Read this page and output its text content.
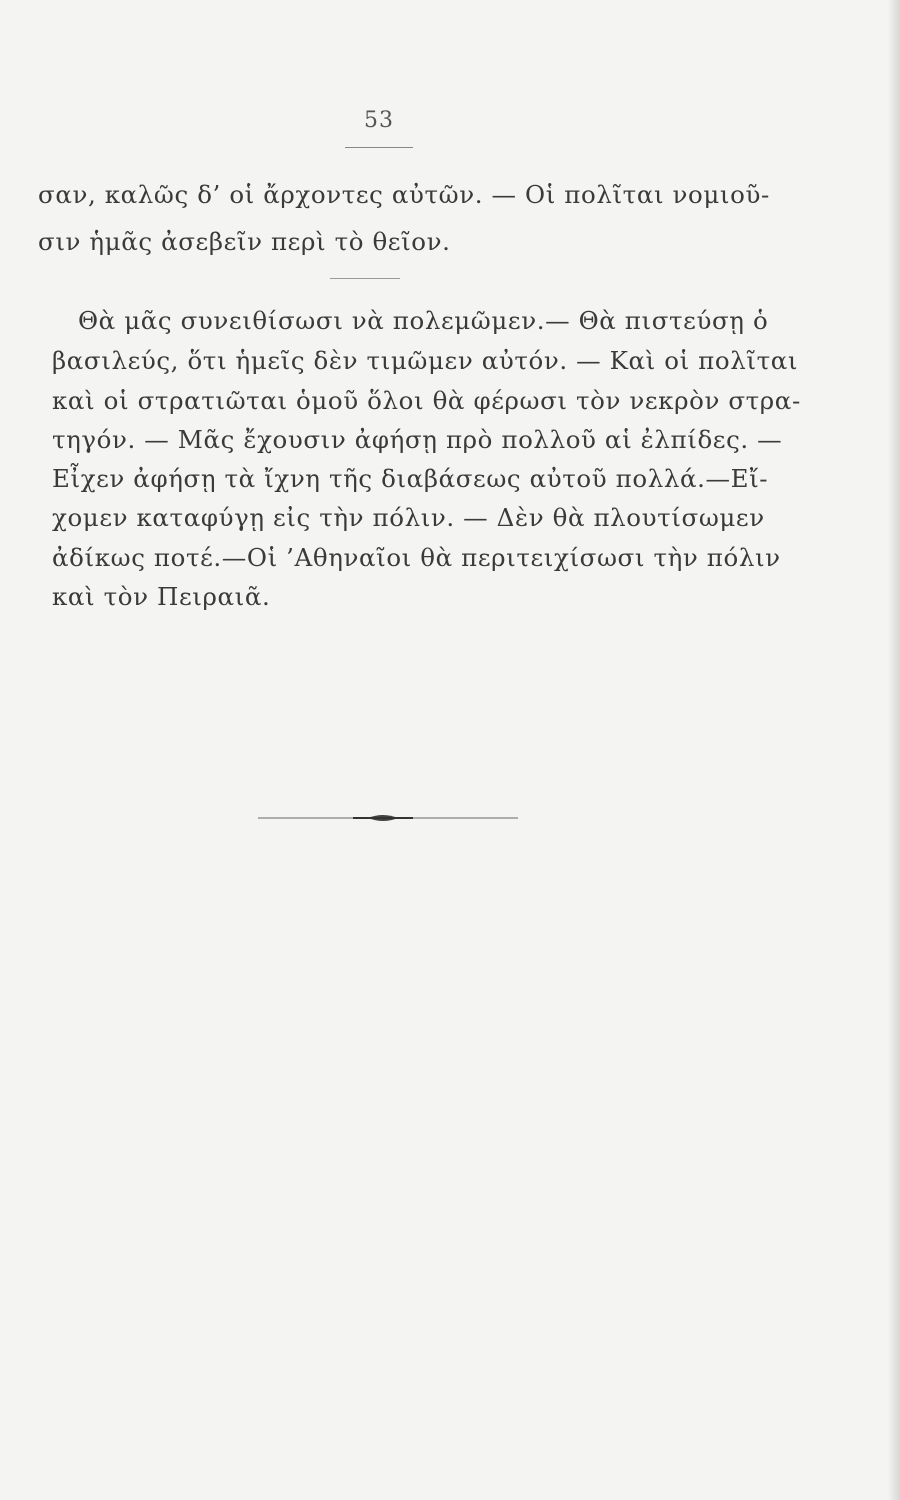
53
σαν, καλῶς δ’ οἱ ἄρχοντες αὐτῶν. — Οἱ πολῖται νομιοῦ-
σιν ἡμᾶς ἀσεβεῖν περὶ τὸ θεῖον.
Θὰ μᾶς συνειθίσωσι νὰ πολεμῶμεν.— Θὰ πιστεύσῃ ὁ
βασιλεύς, ὅτι ἡμεῖς δὲν τιμῶμεν αὐτόν. — Καὶ οἱ πολῖται
καὶ οἱ στρατιῶται ὁμοῦ ὅλοι θὰ φέρωσι τὸν νεκρὸν στρα-
τηγόν. — Μᾶς ἔχουσιν ἀφήσῃ πρὸ πολλοῦ αἱ ἐλπίδες. —
Εἶχεν ἀφήσῃ τὰ ἴχνη τῆς διαβάσεως αὐτοῦ πολλά.—Εἴ-
χομεν καταφύγῃ εἰς τὴν πόλιν. — Δὲν θὰ πλουτίσωμεν
ἀδίκως ποτέ.—Οἱ ’Αθηναῖοι θὰ περιτειχίσωσι τὴν πόλιν
καὶ τὸν Πειραιᾶ.
